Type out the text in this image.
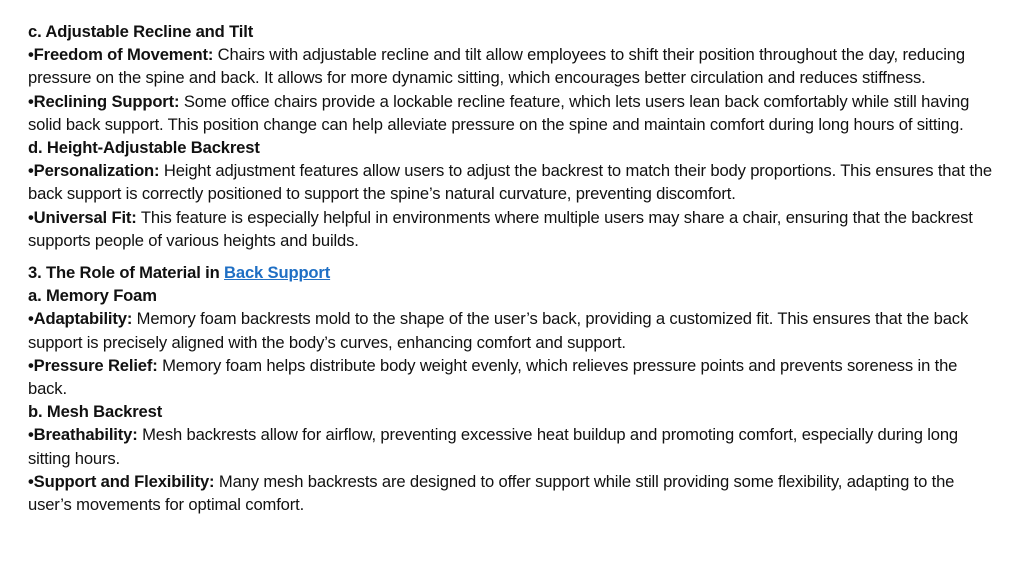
c. Adjustable Recline and Tilt

•Freedom of Movement: Chairs with adjustable recline and tilt allow employees to shift their position throughout the day, reducing pressure on the spine and back. It allows for more dynamic sitting, which encourages better circulation and reduces stiffness.

•Reclining Support: Some office chairs provide a lockable recline feature, which lets users lean back comfortably while still having solid back support. This position change can help alleviate pressure on the spine and maintain comfort during long hours of sitting.

d. Height-Adjustable Backrest

•Personalization: Height adjustment features allow users to adjust the backrest to match their body proportions. This ensures that the back support is correctly positioned to support the spine’s natural curvature, preventing discomfort.

•Universal Fit: This feature is especially helpful in environments where multiple users may share a chair, ensuring that the backrest supports people of various heights and builds.

3. The Role of Material in Back Support
a. Memory Foam

•Adaptability: Memory foam backrests mold to the shape of the user’s back, providing a customized fit. This ensures that the back support is precisely aligned with the body’s curves, enhancing comfort and support.

•Pressure Relief: Memory foam helps distribute body weight evenly, which relieves pressure points and prevents soreness in the back.

b. Mesh Backrest

•Breathability: Mesh backrests allow for airflow, preventing excessive heat buildup and promoting comfort, especially during long sitting hours.

•Support and Flexibility: Many mesh backrests are designed to offer support while still providing some flexibility, adapting to the user’s movements for optimal comfort.
